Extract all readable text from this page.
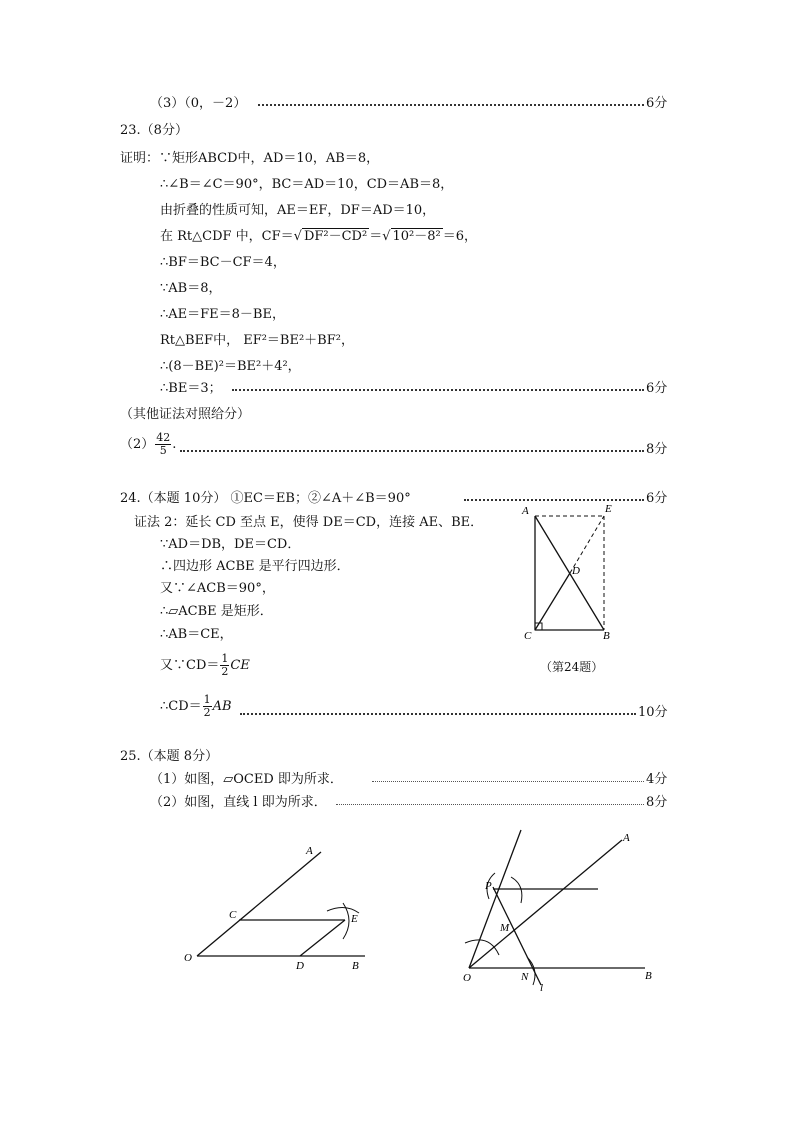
（3）（0，－2）	6分
23.（8分）
证明：∵矩形ABCD中，AD＝10，AB＝8，
∴∠B＝∠C＝90°，BC＝AD＝10，CD＝AB＝8，
由折叠的性质可知，AE＝EF，DF＝AD＝10，
在 Rt△CDF 中，CF＝√ DF²－CD² ＝√ 10²－8² ＝6，
∴BF＝BC－CF＝4，
∵AB＝8，
∴AE＝FE＝8－BE，
Rt△BEF中， EF²＝BE²＋BF²，
∴(8－BE)²＝BE²＋4²，
∴BE＝3；	6分
（其他证法对照给分）
$(2) \frac{42}{5}$ .	8分
24.（本题 10分） ①EC＝EB；②∠A＋∠B＝90°	6分
证法 2：延长 CD 至点 E，使得 DE＝CD，连接 AE、BE．
∵AD＝DB，DE＝CD．
∴四边形 ACBE 是平行四边形．
又∵∠ACB＝90°，
∴▱ACBE 是矩形．
∴AB＝CE，
又∵CD＝ $\frac{1}{2}$ CE
∴CD＝ $\frac{1}{2}$ AB	10分
A	E
D
C	B
（第24题）
25.（本题 8分）
（1）如图，▱OCED 即为所求．	4分
（2）如图，直线 l 即为所求．	8分
O
C
A
E
D	B
A
P
M
O	N
l
B
